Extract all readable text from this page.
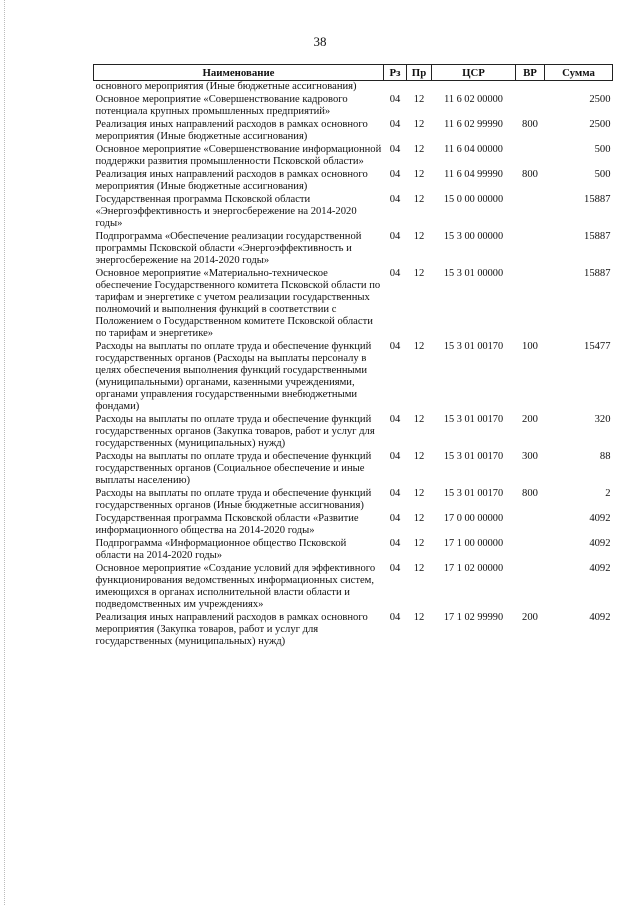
38
Наименование	Рз	Пр	ЦСР	ВР	Сумма
основного мероприятия (Иные бюджетные ассигнования)					
Основное мероприятие «Совершенствование кадрового потенциала крупных промышленных предприятий»	04	12	11 6 02 00000		2500
Реализация иных направлений расходов в рамках основного мероприятия (Иные бюджетные ассигнования)	04	12	11 6 02 99990	800	2500
Основное мероприятие «Совершенствование информационной поддержки развития промышленности Псковской области»	04	12	11 6 04 00000		500
Реализация иных направлений расходов в рамках основного мероприятия (Иные бюджетные ассигнования)	04	12	11 6 04 99990	800	500
Государственная программа Псковской области «Энергоэффективность и энергосбережение на 2014-2020 годы»	04	12	15 0 00 00000		15887
Подпрограмма «Обеспечение реализации государственной программы Псковской области «Энергоэффективность и энергосбережение на 2014-2020 годы»	04	12	15 3 00 00000		15887
Основное мероприятие «Материально-техническое обеспечение Государственного комитета Псковской области по тарифам и энергетике с учетом реализации государственных полномочий и выполнения функций в соответствии с Положением о Государственном комитете Псковской области по тарифам и энергетике»	04	12	15 3 01 00000		15887
Расходы на выплаты по оплате труда и обеспечение функций государственных органов (Расходы на выплаты персоналу в целях обеспечения выполнения функций государственными (муниципальными) органами, казенными учреждениями, органами управления государственными внебюджетными фондами)	04	12	15 3 01 00170	100	15477
Расходы на выплаты по оплате труда и обеспечение функций государственных органов (Закупка товаров, работ и услуг для государственных (муниципальных) нужд)	04	12	15 3 01 00170	200	320
Расходы на выплаты по оплате труда и обеспечение функций государственных органов (Социальное обеспечение и иные выплаты населению)	04	12	15 3 01 00170	300	88
Расходы на выплаты по оплате труда и обеспечение функций государственных органов (Иные бюджетные ассигнования)	04	12	15 3 01 00170	800	2
Государственная программа Псковской области «Развитие информационного общества на 2014-2020 годы»	04	12	17 0 00 00000		4092
Подпрограмма «Информационное общество Псковской области на 2014-2020 годы»	04	12	17 1 00 00000		4092
Основное мероприятие «Создание условий для эффективного функционирования ведомственных информационных систем, имеющихся в органах исполнительной власти области и подведомственных им учреждениях»	04	12	17 1 02 00000		4092
Реализация иных направлений расходов в рамках основного мероприятия (Закупка товаров, работ и услуг для государственных (муниципальных) нужд)	04	12	17 1 02 99990	200	4092
